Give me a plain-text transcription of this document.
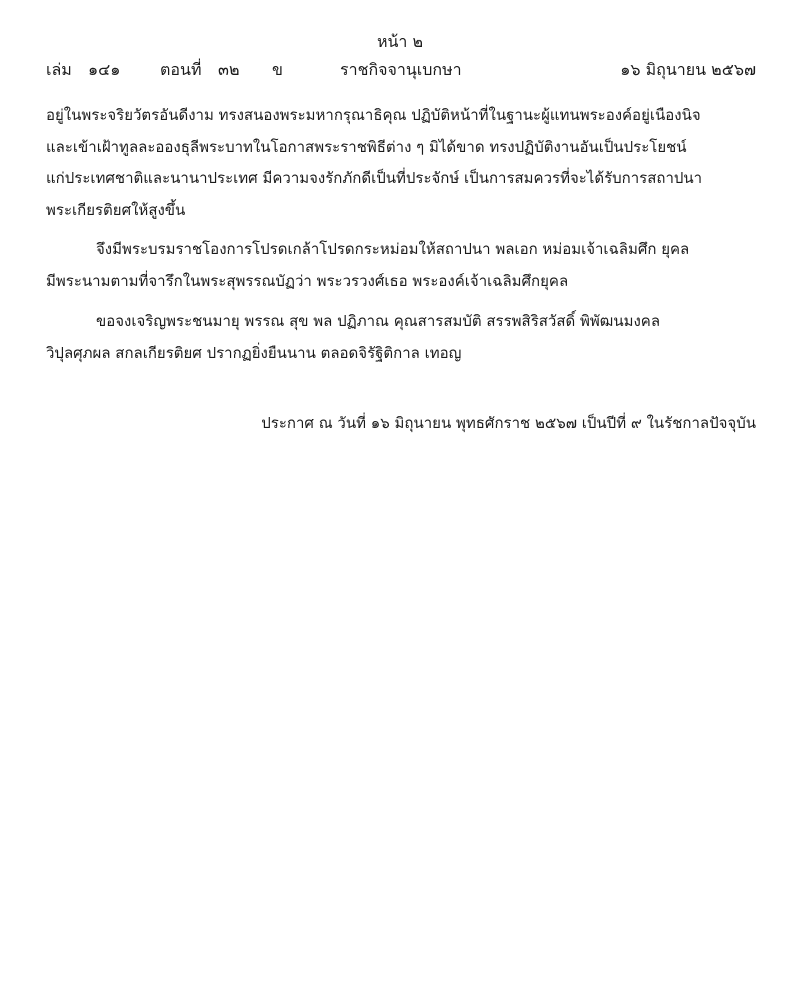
หน้า ๒
เล่ม ๑๔๑ ตอนที่ ๓๒ ข	ราชกิจจานุเบกษา	๑๖ มิถุนายน ๒๕๖๗
อยู่ในพระจริยวัตรอันดีงาม ทรงสนองพระมหากรุณาธิคุณ ปฏิบัติหน้าที่ในฐานะผู้แทนพระองค์อยู่เนืองนิจ
และเข้าเฝ้าทูลละอองธุลีพระบาทในโอกาสพระราชพิธีต่าง ๆ มิได้ขาด ทรงปฏิบัติงานอันเป็นประโยชน์
แก่ประเทศชาติและนานาประเทศ มีความจงรักภักดีเป็นที่ประจักษ์ เป็นการสมควรที่จะได้รับการสถาปนา
พระเกียรติยศให้สูงขึ้น
จึงมีพระบรมราชโองการโปรดเกล้าโปรดกระหม่อมให้สถาปนา พลเอก หม่อมเจ้าเฉลิมศึก ยุคล
มีพระนามตามที่จารึกในพระสุพรรณบัฏว่า พระวรวงศ์เธอ พระองค์เจ้าเฉลิมศึกยุคล
ขอจงเจริญพระชนมายุ พรรณ สุข พล ปฏิภาณ คุณสารสมบัติ สรรพสิริสวัสดิ์ พิพัฒนมงคล
วิปุลศุภผล สกลเกียรติยศ ปรากฏยิ่งยืนนาน ตลอดจิรัฐิติกาล เทอญ
ประกาศ ณ วันที่ ๑๖ มิถุนายน พุทธศักราช ๒๕๖๗ เป็นปีที่ ๙ ในรัชกาลปัจจุบัน
